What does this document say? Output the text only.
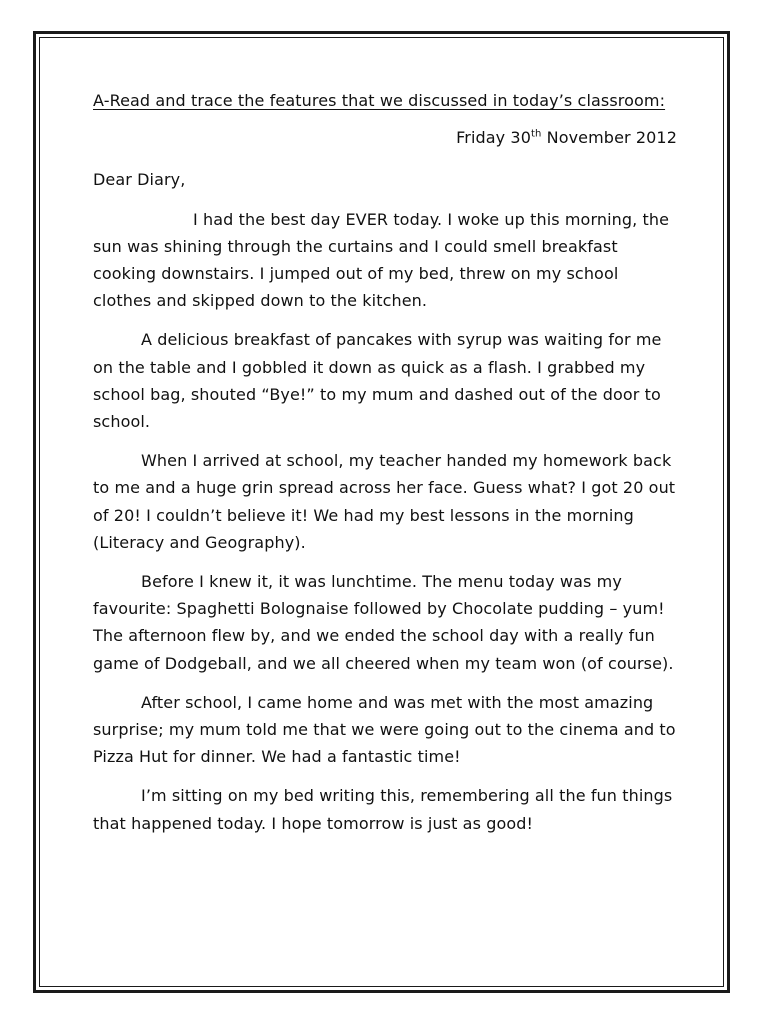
A-Read and trace the features that we discussed in today’s classroom:

Friday 30th November 2012

Dear Diary,

I had the best day EVER today. I woke up this morning, the sun was shining through the curtains and I could smell breakfast cooking downstairs. I jumped out of my bed, threw on my school clothes and skipped down to the kitchen.

A delicious breakfast of pancakes with syrup was waiting for me on the table and I gobbled it down as quick as a flash. I grabbed my school bag, shouted “Bye!” to my mum and dashed out of the door to school.

When I arrived at school, my teacher handed my homework back to me and a huge grin spread across her face. Guess what? I got 20 out of 20! I couldn’t believe it! We had my best lessons in the morning (Literacy and Geography).

Before I knew it, it was lunchtime. The menu today was my favourite: Spaghetti Bolognaise followed by Chocolate pudding – yum! The afternoon flew by, and we ended the school day with a really fun game of Dodgeball, and we all cheered when my team won (of course).

After school, I came home and was met with the most amazing surprise; my mum told me that we were going out to the cinema and to Pizza Hut for dinner. We had a fantastic time!

I’m sitting on my bed writing this, remembering all the fun things that happened today. I hope tomorrow is just as good!
